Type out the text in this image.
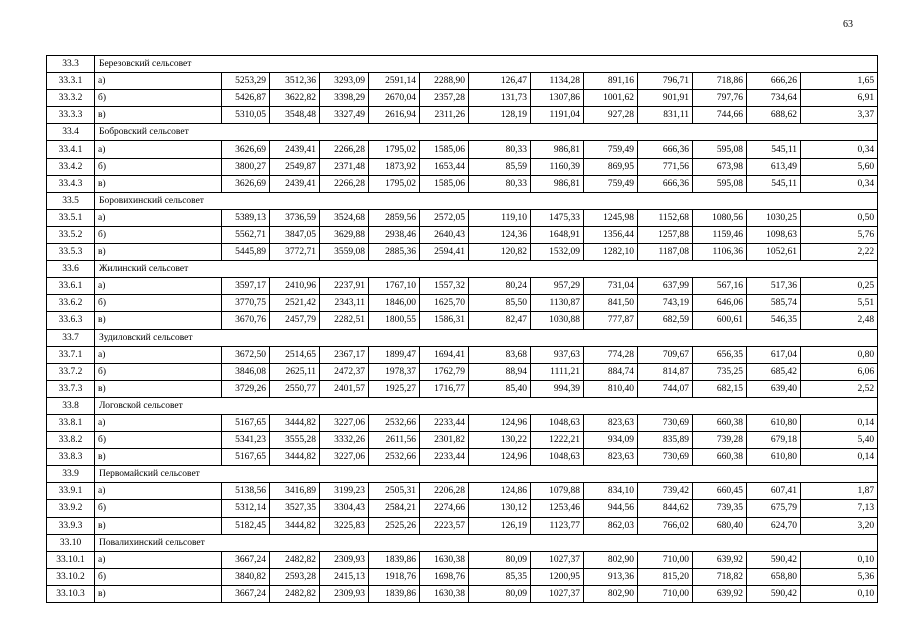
63
33.3	Березовский сельсовет												
33.3.1	а)	5253,29	3512,36	3293,09	2591,14	2288,90	126,47	1134,28	891,16	796,71	718,86	666,26	1,65
33.3.2	б)	5426,87	3622,82	3398,29	2670,04	2357,28	131,73	1307,86	1001,62	901,91	797,76	734,64	6,91
33.3.3	в)	5310,05	3548,48	3327,49	2616,94	2311,26	128,19	1191,04	927,28	831,11	744,66	688,62	3,37
33.4	Бобровский сельсовет												
33.4.1	а)	3626,69	2439,41	2266,28	1795,02	1585,06	80,33	986,81	759,49	666,36	595,08	545,11	0,34
33.4.2	б)	3800,27	2549,87	2371,48	1873,92	1653,44	85,59	1160,39	869,95	771,56	673,98	613,49	5,60
33.4.3	в)	3626,69	2439,41	2266,28	1795,02	1585,06	80,33	986,81	759,49	666,36	595,08	545,11	0,34
33.5	Боровихинский сельсовет												
33.5.1	а)	5389,13	3736,59	3524,68	2859,56	2572,05	119,10	1475,33	1245,98	1152,68	1080,56	1030,25	0,50
33.5.2	б)	5562,71	3847,05	3629,88	2938,46	2640,43	124,36	1648,91	1356,44	1257,88	1159,46	1098,63	5,76
33.5.3	в)	5445,89	3772,71	3559,08	2885,36	2594,41	120,82	1532,09	1282,10	1187,08	1106,36	1052,61	2,22
33.6	Жилинский сельсовет												
33.6.1	а)	3597,17	2410,96	2237,91	1767,10	1557,32	80,24	957,29	731,04	637,99	567,16	517,36	0,25
33.6.2	б)	3770,75	2521,42	2343,11	1846,00	1625,70	85,50	1130,87	841,50	743,19	646,06	585,74	5,51
33.6.3	в)	3670,76	2457,79	2282,51	1800,55	1586,31	82,47	1030,88	777,87	682,59	600,61	546,35	2,48
33.7	Зудиловский сельсовет												
33.7.1	а)	3672,50	2514,65	2367,17	1899,47	1694,41	83,68	937,63	774,28	709,67	656,35	617,04	0,80
33.7.2	б)	3846,08	2625,11	2472,37	1978,37	1762,79	88,94	1111,21	884,74	814,87	735,25	685,42	6,06
33.7.3	в)	3729,26	2550,77	2401,57	1925,27	1716,77	85,40	994,39	810,40	744,07	682,15	639,40	2,52
33.8	Логовской сельсовет												
33.8.1	а)	5167,65	3444,82	3227,06	2532,66	2233,44	124,96	1048,63	823,63	730,69	660,38	610,80	0,14
33.8.2	б)	5341,23	3555,28	3332,26	2611,56	2301,82	130,22	1222,21	934,09	835,89	739,28	679,18	5,40
33.8.3	в)	5167,65	3444,82	3227,06	2532,66	2233,44	124,96	1048,63	823,63	730,69	660,38	610,80	0,14
33.9	Первомайский сельсовет												
33.9.1	а)	5138,56	3416,89	3199,23	2505,31	2206,28	124,86	1079,88	834,10	739,42	660,45	607,41	1,87
33.9.2	б)	5312,14	3527,35	3304,43	2584,21	2274,66	130,12	1253,46	944,56	844,62	739,35	675,79	7,13
33.9.3	в)	5182,45	3444,82	3225,83	2525,26	2223,57	126,19	1123,77	862,03	766,02	680,40	624,70	3,20
33.10	Повалихинский сельсовет												
33.10.1	а)	3667,24	2482,82	2309,93	1839,86	1630,38	80,09	1027,37	802,90	710,00	639,92	590,42	0,10
33.10.2	б)	3840,82	2593,28	2415,13	1918,76	1698,76	85,35	1200,95	913,36	815,20	718,82	658,80	5,36
33.10.3	в)	3667,24	2482,82	2309,93	1839,86	1630,38	80,09	1027,37	802,90	710,00	639,92	590,42	0,10
